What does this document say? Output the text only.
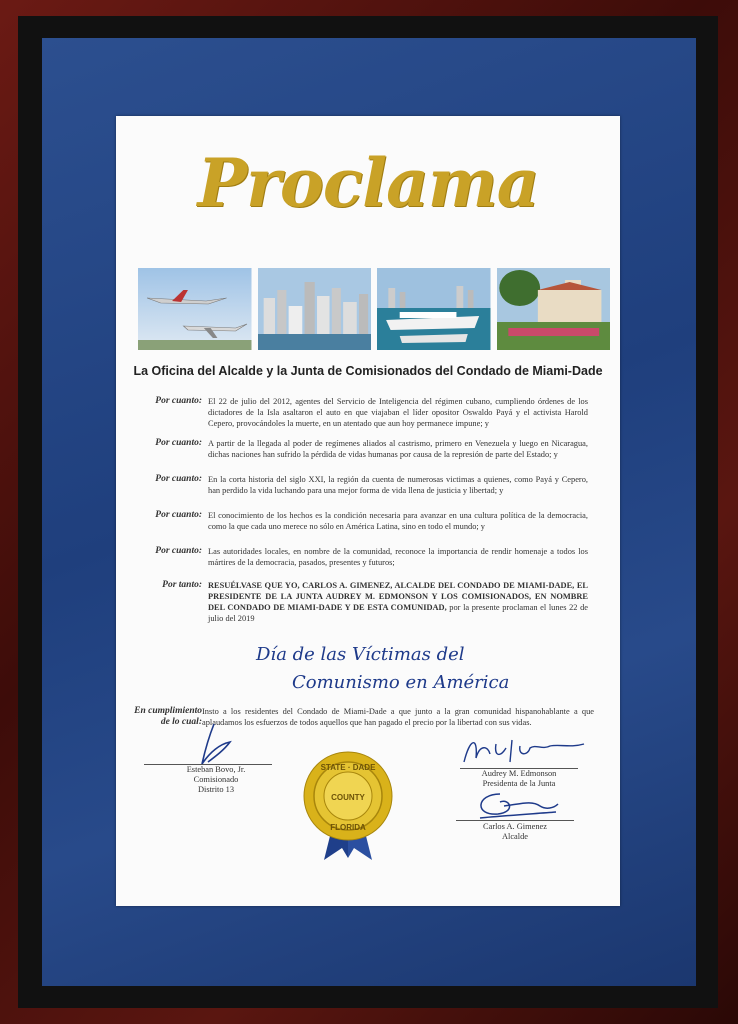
Proclama
La Oficina del Alcalde y la Junta de Comisionados del Condado de Miami-Dade
Por cuanto: El 22 de julio del 2012, agentes del Servicio de Inteligencia del régimen cubano, cumpliendo órdenes de los dictadores de la Isla asaltaron el auto en que viajaban el líder opositor Oswaldo Payá y el activista Harold Cepero, provocándoles la muerte, en un atentado que aun hoy permanece impune; y
Por cuanto: A partir de la llegada al poder de regímenes aliados al castrismo, primero en Venezuela y luego en Nicaragua, dichas naciones han sufrido la pérdida de vidas humanas por causa de la represión de parte del Estado; y
Por cuanto: En la corta historia del siglo XXI, la región da cuenta de numerosas victimas a quienes, como Payá y Cepero, han perdido la vida luchando para una mejor forma de vida llena de justicia y libertad; y
Por cuanto: El conocimiento de los hechos es la condición necesaria para avanzar en una cultura política de la democracia, como la que cada uno merece no sólo en América Latina, sino en todo el mundo; y
Por cuanto: Las autoridades locales, en nombre de la comunidad, reconoce la importancia de rendir homenaje a todos los mártires de la democracia, pasados, presentes y futuros;
Por tanto: RESUÉLVASE QUE YO, CARLOS A. GIMENEZ, ALCALDE DEL CONDADO DE MIAMI-DADE, EL PRESIDENTE DE LA JUNTA AUDREY M. EDMONSON Y LOS COMISIONADOS, EN NOMBRE DEL CONDADO DE MIAMI-DADE Y DE ESTA COMUNIDAD, por la presente proclaman el lunes 22 de julio del 2019
Día de las Víctimas del
Comunismo en América
En cumplimiento
de lo cual:
Insto a los residentes del Condado de Miami-Dade a que junto a la gran comunidad hispanohablante a que aplaudamos los esfuerzos de todos aquellos que han pagado el precio por la libertad con sus vidas.
Esteban Bovo, Jr.
Comisionado
Distrito 13
STATE · DADE
COUNTY
FLORIDA
Audrey M. Edmonson
Presidenta de la Junta
Carlos A. Gimenez
Alcalde
